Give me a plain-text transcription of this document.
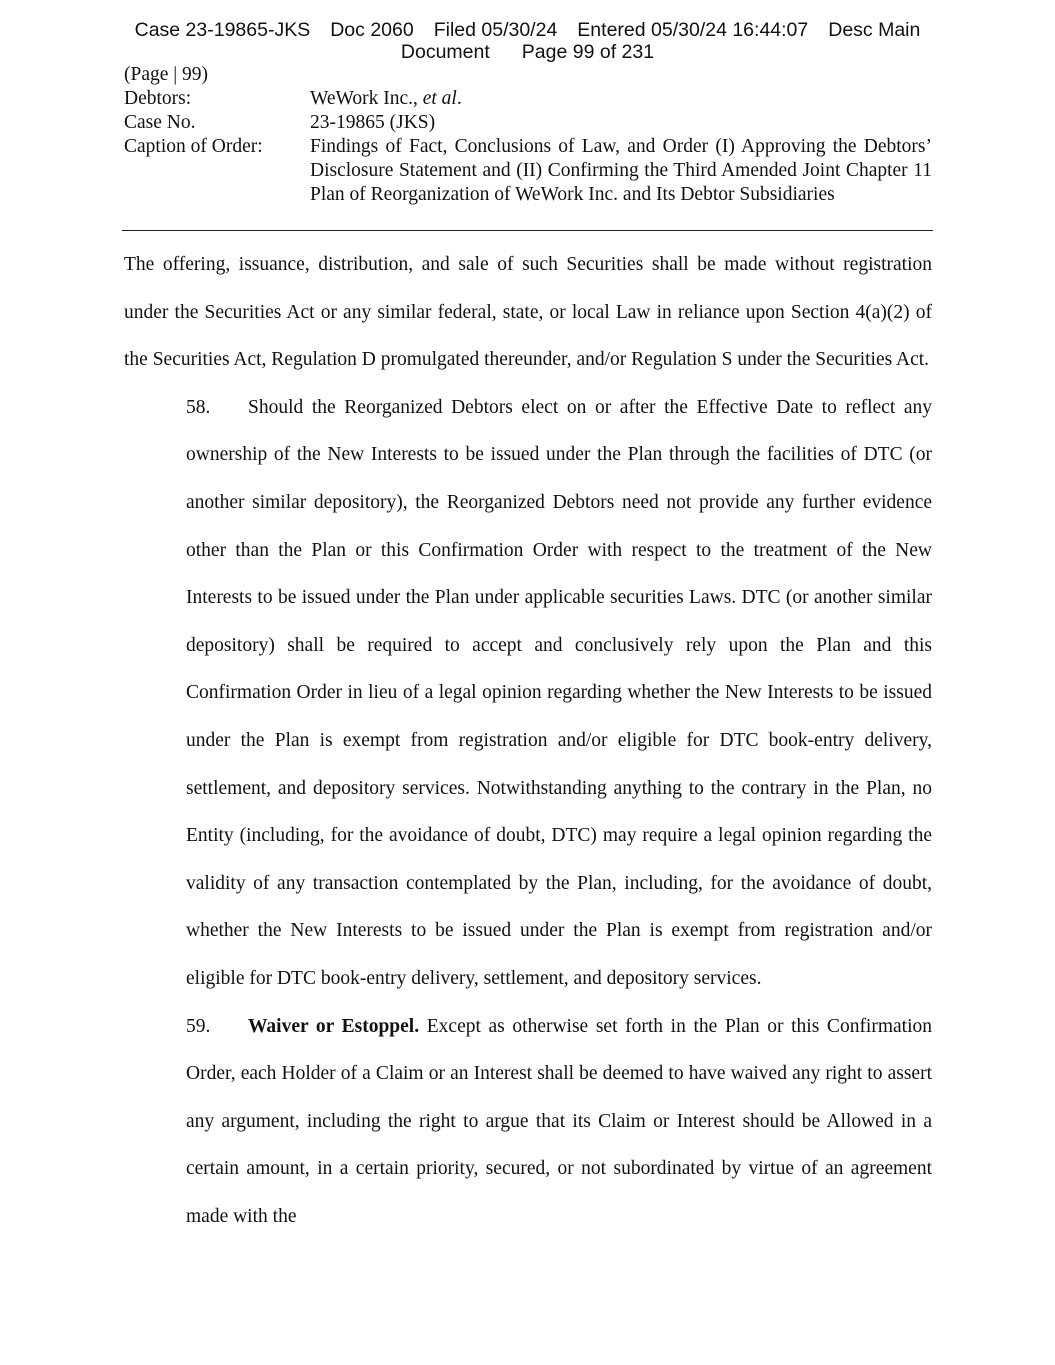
Case 23-19865-JKS Doc 2060 Filed 05/30/24 Entered 05/30/24 16:44:07 Desc Main
Document Page 99 of 231
(Page | 99)
Debtors:	WeWork Inc., et al.
Case No.	23-19865 (JKS)
Caption of Order:	Findings of Fact, Conclusions of Law, and Order (I) Approving the Debtors’ Disclosure Statement and (II) Confirming the Third Amended Joint Chapter 11 Plan of Reorganization of WeWork Inc. and Its Debtor Subsidiaries

The offering, issuance, distribution, and sale of such Securities shall be made without registration under the Securities Act or any similar federal, state, or local Law in reliance upon Section 4(a)(2) of the Securities Act, Regulation D promulgated thereunder, and/or Regulation S under the Securities Act.

58. Should the Reorganized Debtors elect on or after the Effective Date to reflect any ownership of the New Interests to be issued under the Plan through the facilities of DTC (or another similar depository), the Reorganized Debtors need not provide any further evidence other than the Plan or this Confirmation Order with respect to the treatment of the New Interests to be issued under the Plan under applicable securities Laws. DTC (or another similar depository) shall be required to accept and conclusively rely upon the Plan and this Confirmation Order in lieu of a legal opinion regarding whether the New Interests to be issued under the Plan is exempt from registration and/or eligible for DTC book-entry delivery, settlement, and depository services. Notwithstanding anything to the contrary in the Plan, no Entity (including, for the avoidance of doubt, DTC) may require a legal opinion regarding the validity of any transaction contemplated by the Plan, including, for the avoidance of doubt, whether the New Interests to be issued under the Plan is exempt from registration and/or eligible for DTC book-entry delivery, settlement, and depository services.

59. Waiver or Estoppel. Except as otherwise set forth in the Plan or this Confirmation Order, each Holder of a Claim or an Interest shall be deemed to have waived any right to assert any argument, including the right to argue that its Claim or Interest should be Allowed in a certain amount, in a certain priority, secured, or not subordinated by virtue of an agreement made with the
